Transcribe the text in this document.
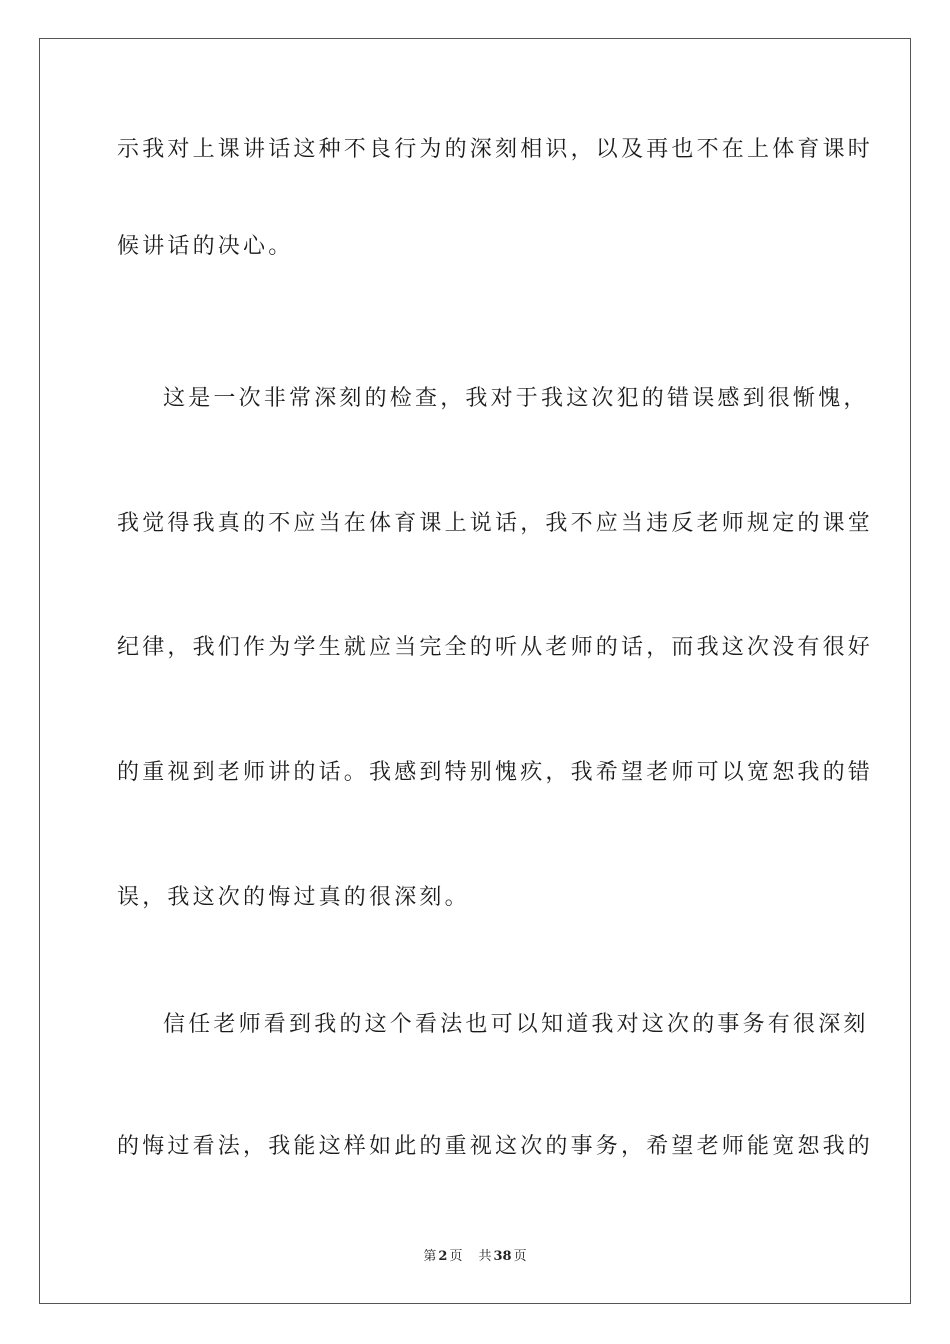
示我对上课讲话这种不良行为的深刻相识，以及再也不在上体育课时
候讲话的决心。
这是一次非常深刻的检查，我对于我这次犯的错误感到很惭愧，
我觉得我真的不应当在体育课上说话，我不应当违反老师规定的课堂
纪律，我们作为学生就应当完全的听从老师的话，而我这次没有很好
的重视到老师讲的话。我感到特别愧疚，我希望老师可以宽恕我的错
误，我这次的悔过真的很深刻。
信任老师看到我的这个看法也可以知道我对这次的事务有很深刻
的悔过看法，我能这样如此的重视这次的事务，希望老师能宽恕我的
第 2 页 共 38 页
